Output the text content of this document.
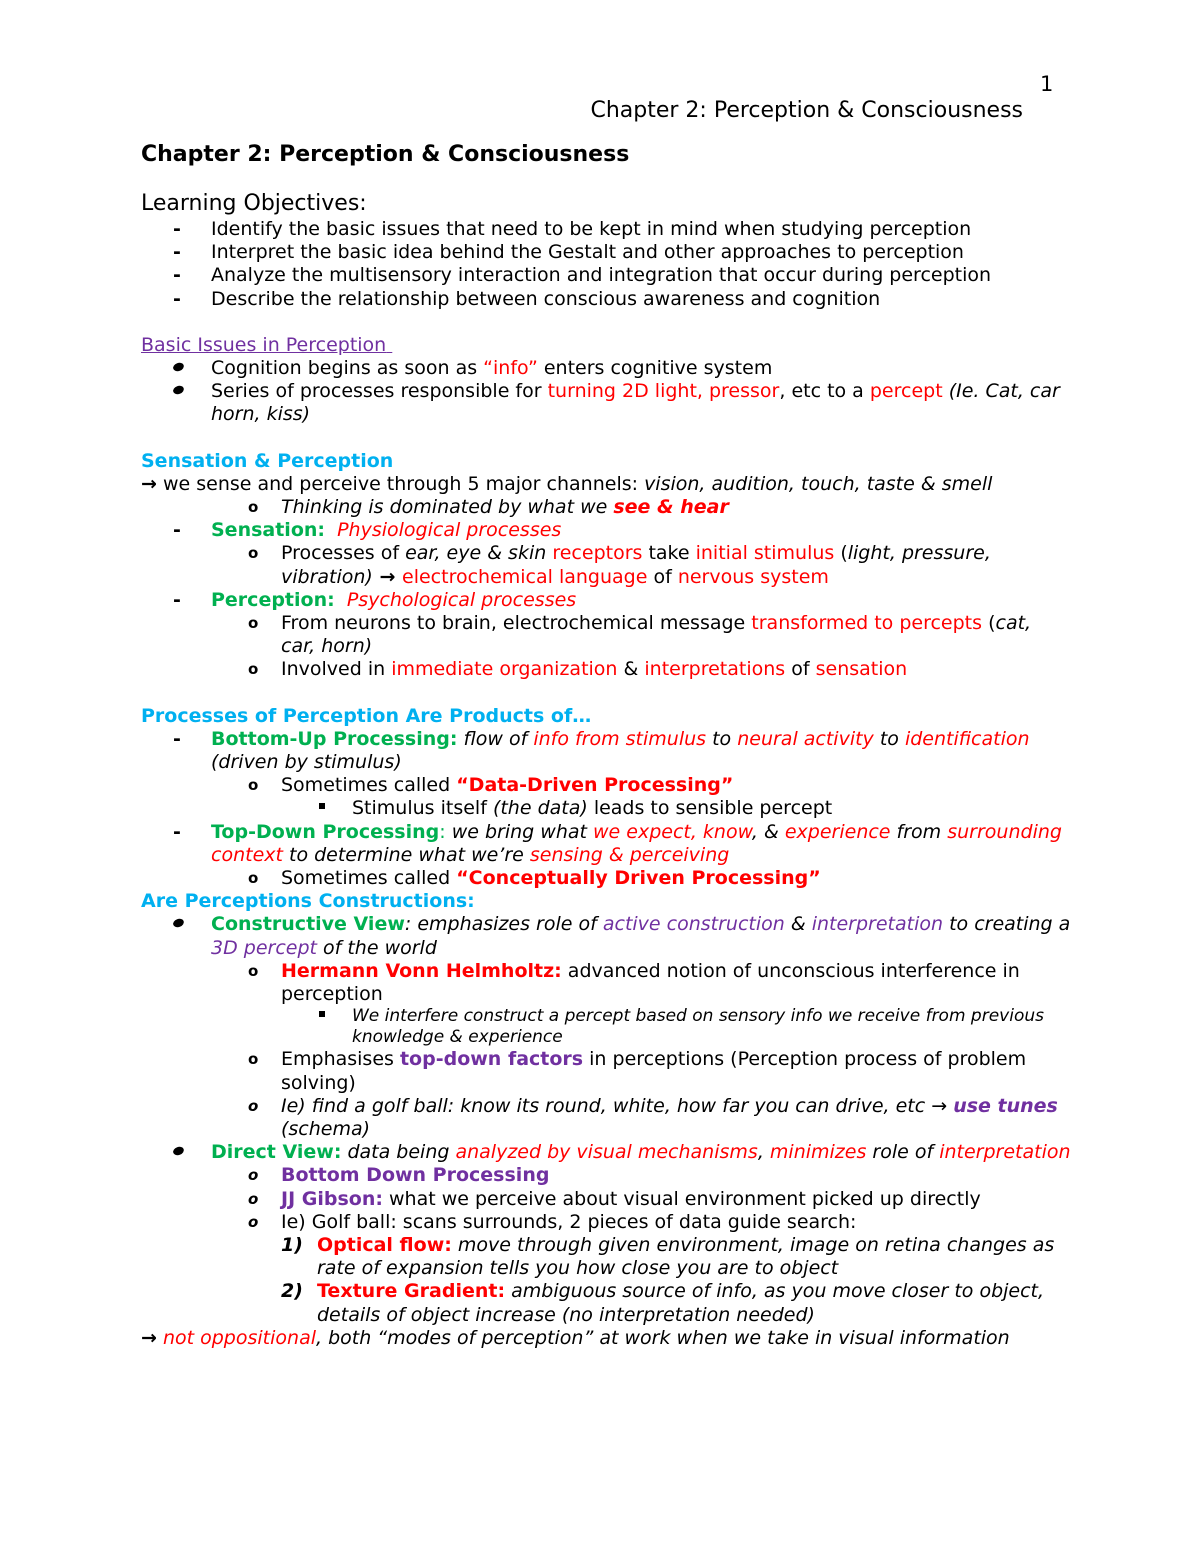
1
Chapter 2: Perception & Consciousness
Chapter 2: Perception & Consciousness
Learning Objectives:
- Identify the basic issues that need to be kept in mind when studying perception
- Interpret the basic idea behind the Gestalt and other approaches to perception
- Analyze the multisensory interaction and integration that occur during perception
- Describe the relationship between conscious awareness and cognition
Basic Issues in Perception
Cognition begins as soon as “info” enters cognitive system
Series of processes responsible for turning 2D light, pressor, etc to a percept (Ie. Cat, car horn, kiss)
Sensation & Perception
→ we sense and perceive through 5 major channels: vision, audition, touch, taste & smell
o Thinking is dominated by what we see & hear
- Sensation: Physiological processes
o Processes of ear, eye & skin receptors take initial stimulus (light, pressure, vibration) → electrochemical language of nervous system
- Perception: Psychological processes
o From neurons to brain, electrochemical message transformed to percepts (cat, car, horn)
o Involved in immediate organization & interpretations of sensation
Processes of Perception Are Products of…
- Bottom-Up Processing: flow of info from stimulus to neural activity to identification (driven by stimulus)
o Sometimes called “Data-Driven Processing”
Stimulus itself (the data) leads to sensible percept
- Top-Down Processing: we bring what we expect, know, & experience from surrounding context to determine what we’re sensing & perceiving
o Sometimes called “Conceptually Driven Processing”
Are Perceptions Constructions:
Constructive View: emphasizes role of active construction & interpretation to creating a 3D percept of the world
o Hermann Vonn Helmholtz: advanced notion of unconscious interference in perception
We interfere construct a percept based on sensory info we receive from previous knowledge & experience
o Emphasises top-down factors in perceptions (Perception process of problem solving)
o Ie) find a golf ball: know its round, white, how far you can drive, etc → use tunes (schema)
Direct View: data being analyzed by visual mechanisms, minimizes role of interpretation
o Bottom Down Processing
o JJ Gibson: what we perceive about visual environment picked up directly
o Ie) Golf ball: scans surrounds, 2 pieces of data guide search:
1) Optical flow: move through given environment, image on retina changes as rate of expansion tells you how close you are to object
2) Texture Gradient: ambiguous source of info, as you move closer to object, details of object increase (no interpretation needed)
→ not oppositional, both “modes of perception” at work when we take in visual information
